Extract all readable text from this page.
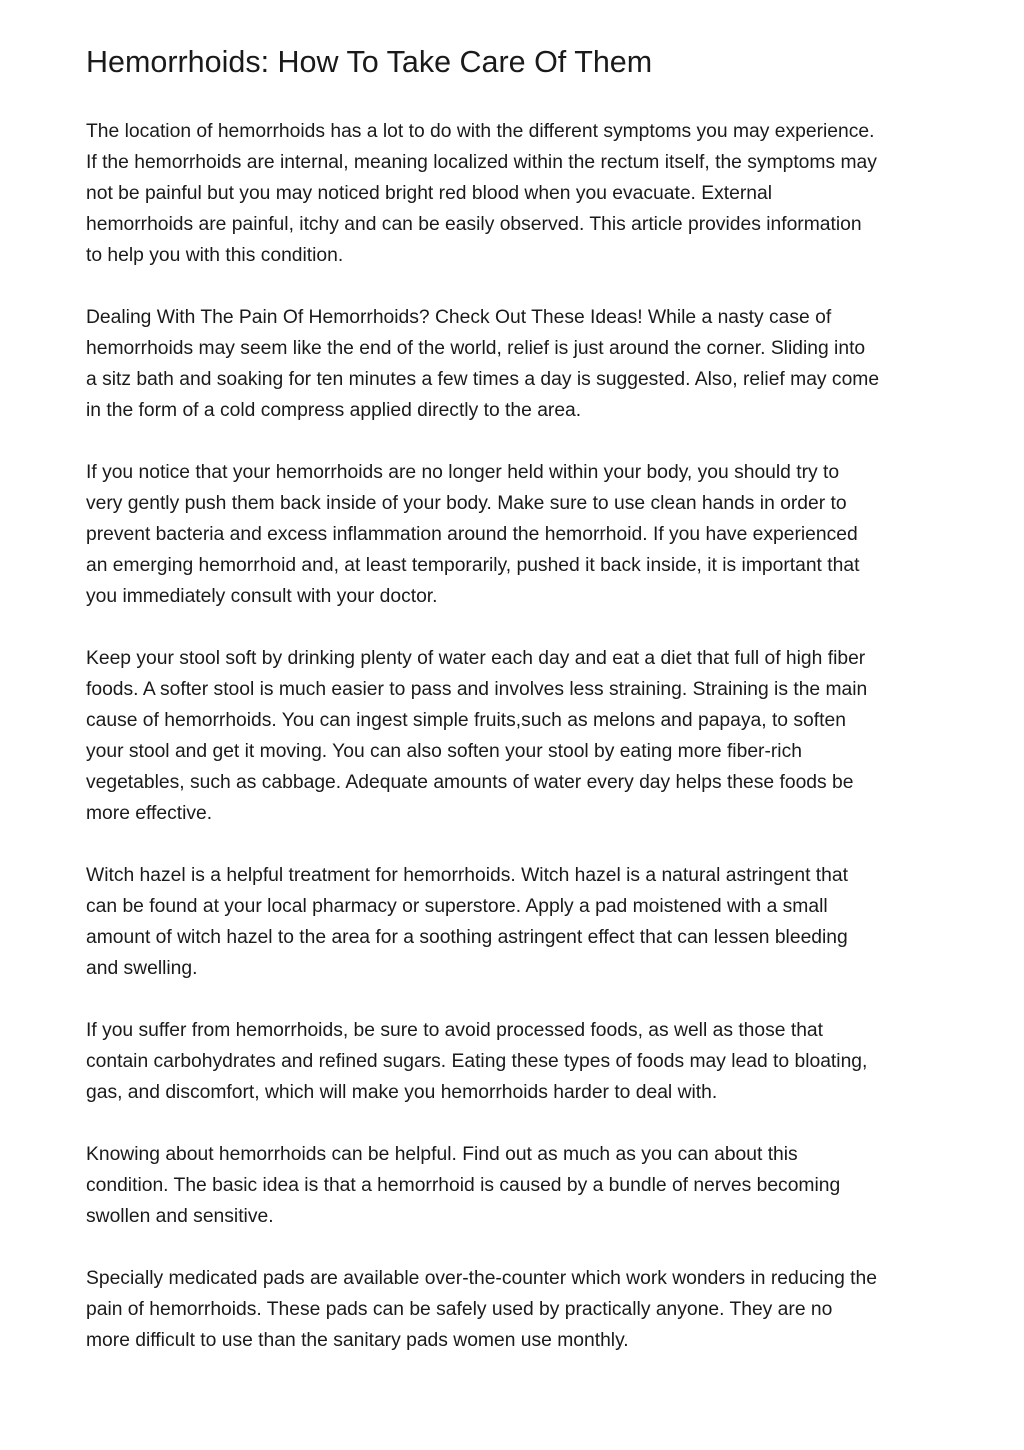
Hemorrhoids: How To Take Care Of Them

The location of hemorrhoids has a lot to do with the different symptoms you may experience.
If the hemorrhoids are internal, meaning localized within the rectum itself, the symptoms may
not be painful but you may noticed bright red blood when you evacuate. External
hemorrhoids are painful, itchy and can be easily observed. This article provides information
to help you with this condition.

Dealing With The Pain Of Hemorrhoids? Check Out These Ideas! While a nasty case of
hemorrhoids may seem like the end of the world, relief is just around the corner. Sliding into
a sitz bath and soaking for ten minutes a few times a day is suggested. Also, relief may come
in the form of a cold compress applied directly to the area.

If you notice that your hemorrhoids are no longer held within your body, you should try to
very gently push them back inside of your body. Make sure to use clean hands in order to
prevent bacteria and excess inflammation around the hemorrhoid. If you have experienced
an emerging hemorrhoid and, at least temporarily, pushed it back inside, it is important that
you immediately consult with your doctor.

Keep your stool soft by drinking plenty of water each day and eat a diet that full of high fiber
foods. A softer stool is much easier to pass and involves less straining. Straining is the main
cause of hemorrhoids. You can ingest simple fruits,such as melons and papaya, to soften
your stool and get it moving. You can also soften your stool by eating more fiber-rich
vegetables, such as cabbage. Adequate amounts of water every day helps these foods be
more effective.

Witch hazel is a helpful treatment for hemorrhoids. Witch hazel is a natural astringent that
can be found at your local pharmacy or superstore. Apply a pad moistened with a small
amount of witch hazel to the area for a soothing astringent effect that can lessen bleeding
and swelling.

If you suffer from hemorrhoids, be sure to avoid processed foods, as well as those that
contain carbohydrates and refined sugars. Eating these types of foods may lead to bloating,
gas, and discomfort, which will make you hemorrhoids harder to deal with.

Knowing about hemorrhoids can be helpful. Find out as much as you can about this
condition. The basic idea is that a hemorrhoid is caused by a bundle of nerves becoming
swollen and sensitive.

Specially medicated pads are available over-the-counter which work wonders in reducing the
pain of hemorrhoids. These pads can be safely used by practically anyone. They are no
more difficult to use than the sanitary pads women use monthly.
